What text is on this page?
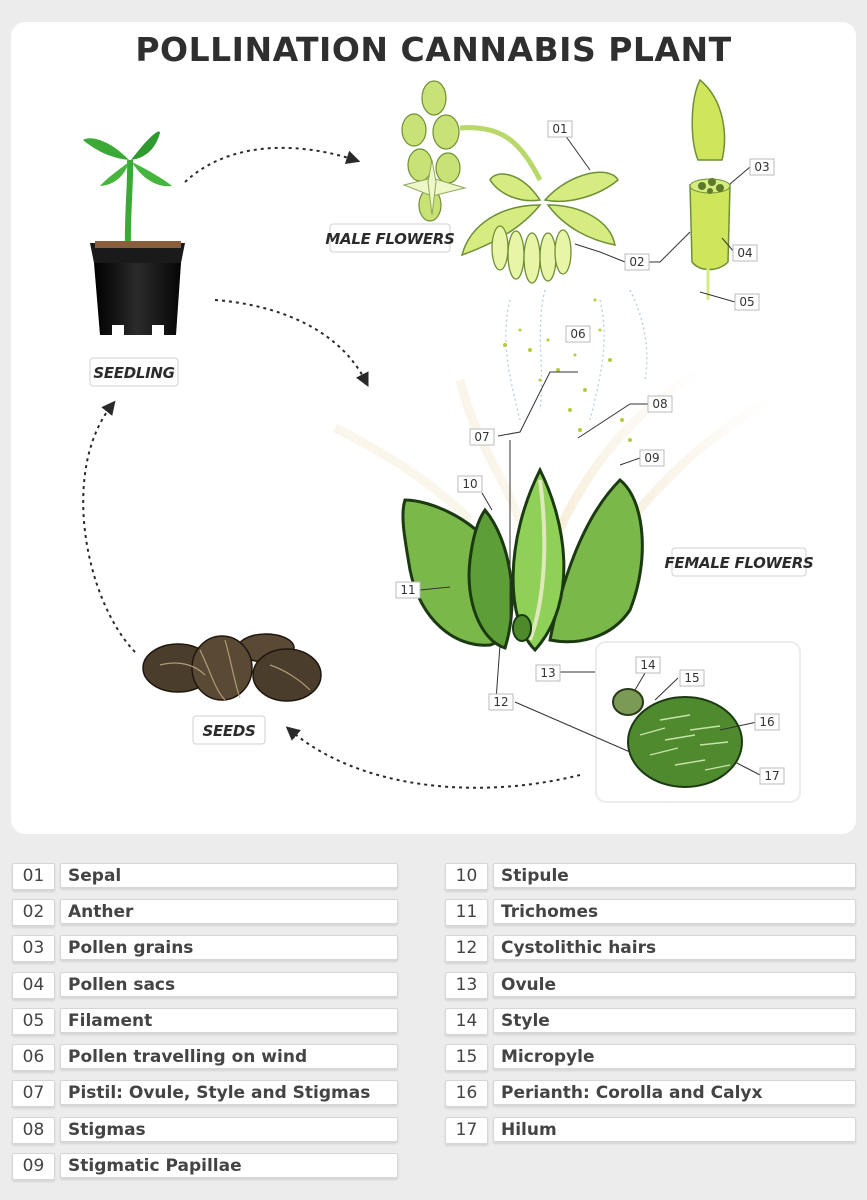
POLLINATION CANNABIS PLANT
01
02
03
04
05
06
07
08
09
10
11
12
13
14
15
16
17
SEEDLING
MALE FLOWERS
FEMALE FLOWERS
SEEDS
01	Sepal
02	Anther
03	Pollen grains
04	Pollen sacs
05	Filament
06	Pollen travelling on wind
07	Pistil: Ovule, Style and Stigmas
08	Stigmas
09	Stigmatic Papillae
10	Stipule
11	Trichomes
12	Cystolithic hairs
13	Ovule
14	Style
15	Micropyle
16	Perianth: Corolla and Calyx
17	Hilum
